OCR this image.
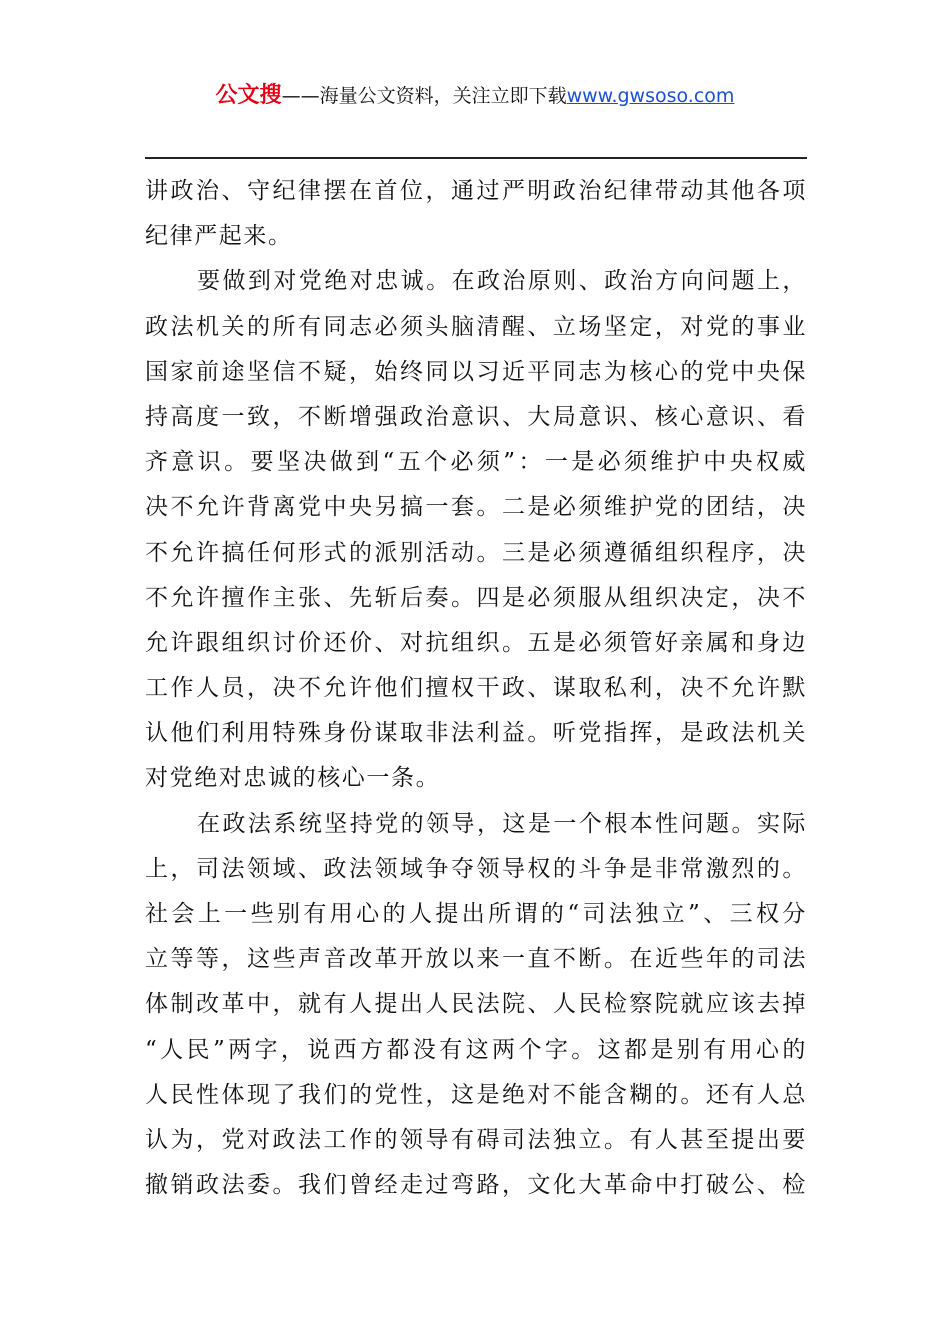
公文搜——海量公文资料，关注立即下载www.gwsoso.com
讲政治、守纪律摆在首位，通过严明政治纪律带动其他各项
纪律严起来。
要做到对党绝对忠诚。在政治原则、政治方向问题上，
政法机关的所有同志必须头脑清醒、立场坚定，对党的事业
国家前途坚信不疑，始终同以习近平同志为核心的党中央保
持高度一致，不断增强政治意识、大局意识、核心意识、看
齐意识。要坚决做到“五个必须”：一是必须维护中央权威
决不允许背离党中央另搞一套。二是必须维护党的团结，决
不允许搞任何形式的派别活动。三是必须遵循组织程序，决
不允许擅作主张、先斩后奏。四是必须服从组织决定，决不
允许跟组织讨价还价、对抗组织。五是必须管好亲属和身边
工作人员，决不允许他们擅权干政、谋取私利，决不允许默
认他们利用特殊身份谋取非法利益。听党指挥，是政法机关
对党绝对忠诚的核心一条。
在政法系统坚持党的领导，这是一个根本性问题。实际
上，司法领域、政法领域争夺领导权的斗争是非常激烈的。
社会上一些别有用心的人提出所谓的“司法独立”、三权分
立等等，这些声音改革开放以来一直不断。在近些年的司法
体制改革中，就有人提出人民法院、人民检察院就应该去掉
“人民”两字，说西方都没有这两个字。这都是别有用心的
人民性体现了我们的党性，这是绝对不能含糊的。还有人总
认为，党对政法工作的领导有碍司法独立。有人甚至提出要
撤销政法委。我们曾经走过弯路，文化大革命中打破公、检
